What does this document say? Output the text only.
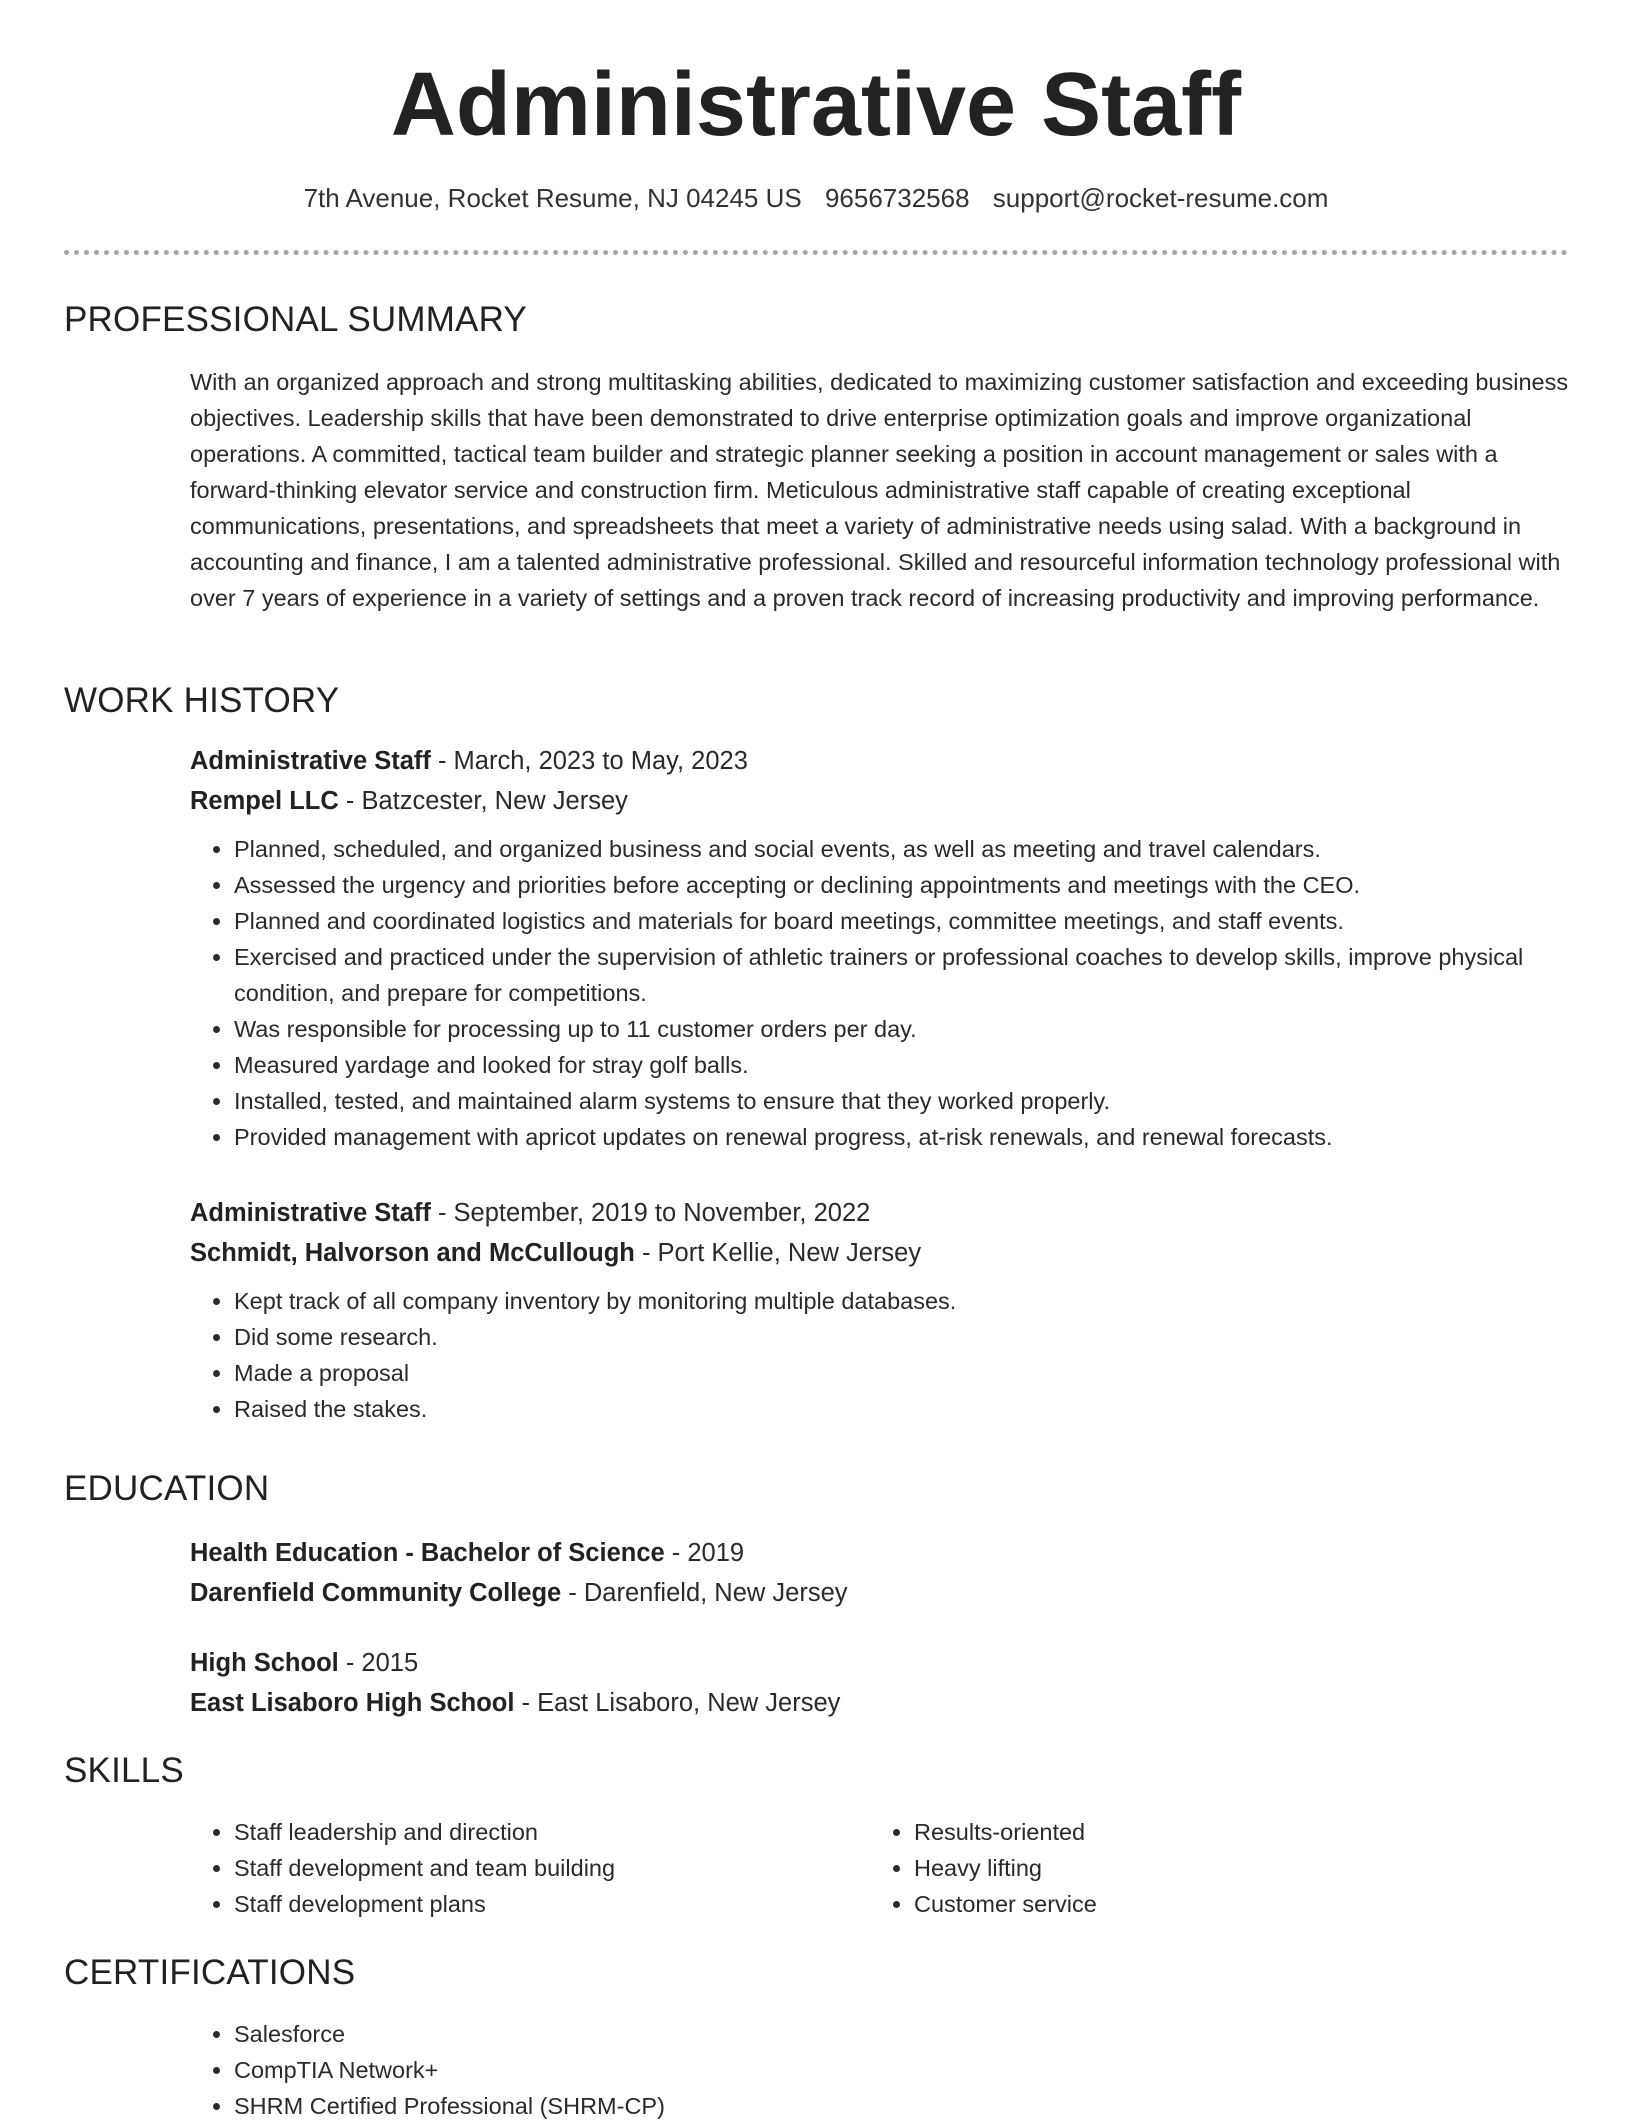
Administrative Staff
7th Avenue, Rocket Resume, NJ 04245 US 9656732568 support@rocket-resume.com
PROFESSIONAL SUMMARY

With an organized approach and strong multitasking abilities, dedicated to maximizing customer satisfaction and exceeding business objectives. Leadership skills that have been demonstrated to drive enterprise optimization goals and improve organizational operations. A committed, tactical team builder and strategic planner seeking a position in account management or sales with a forward-thinking elevator service and construction firm. Meticulous administrative staff capable of creating exceptional communications, presentations, and spreadsheets that meet a variety of administrative needs using salad. With a background in accounting and finance, I am a talented administrative professional. Skilled and resourceful information technology professional with over 7 years of experience in a variety of settings and a proven track record of increasing productivity and improving performance.

WORK HISTORY
Administrative Staff - March, 2023 to May, 2023
Rempel LLC - Batzcester, New Jersey
• Planned, scheduled, and organized business and social events, as well as meeting and travel calendars.
• Assessed the urgency and priorities before accepting or declining appointments and meetings with the CEO.
• Planned and coordinated logistics and materials for board meetings, committee meetings, and staff events.
• Exercised and practiced under the supervision of athletic trainers or professional coaches to develop skills, improve physical condition, and prepare for competitions.
• Was responsible for processing up to 11 customer orders per day.
• Measured yardage and looked for stray golf balls.
• Installed, tested, and maintained alarm systems to ensure that they worked properly.
• Provided management with apricot updates on renewal progress, at-risk renewals, and renewal forecasts.
Administrative Staff - September, 2019 to November, 2022
Schmidt, Halvorson and McCullough - Port Kellie, New Jersey
• Kept track of all company inventory by monitoring multiple databases.
• Did some research.
• Made a proposal
• Raised the stakes.
EDUCATION
Health Education - Bachelor of Science - 2019
Darenfield Community College - Darenfield, New Jersey
High School - 2015
East Lisaboro High School - East Lisaboro, New Jersey
SKILLS
• Staff leadership and direction
• Staff development and team building
• Staff development plans
• Results-oriented
• Heavy lifting
• Customer service
CERTIFICATIONS
• Salesforce
• CompTIA Network+
• SHRM Certified Professional (SHRM-CP)
